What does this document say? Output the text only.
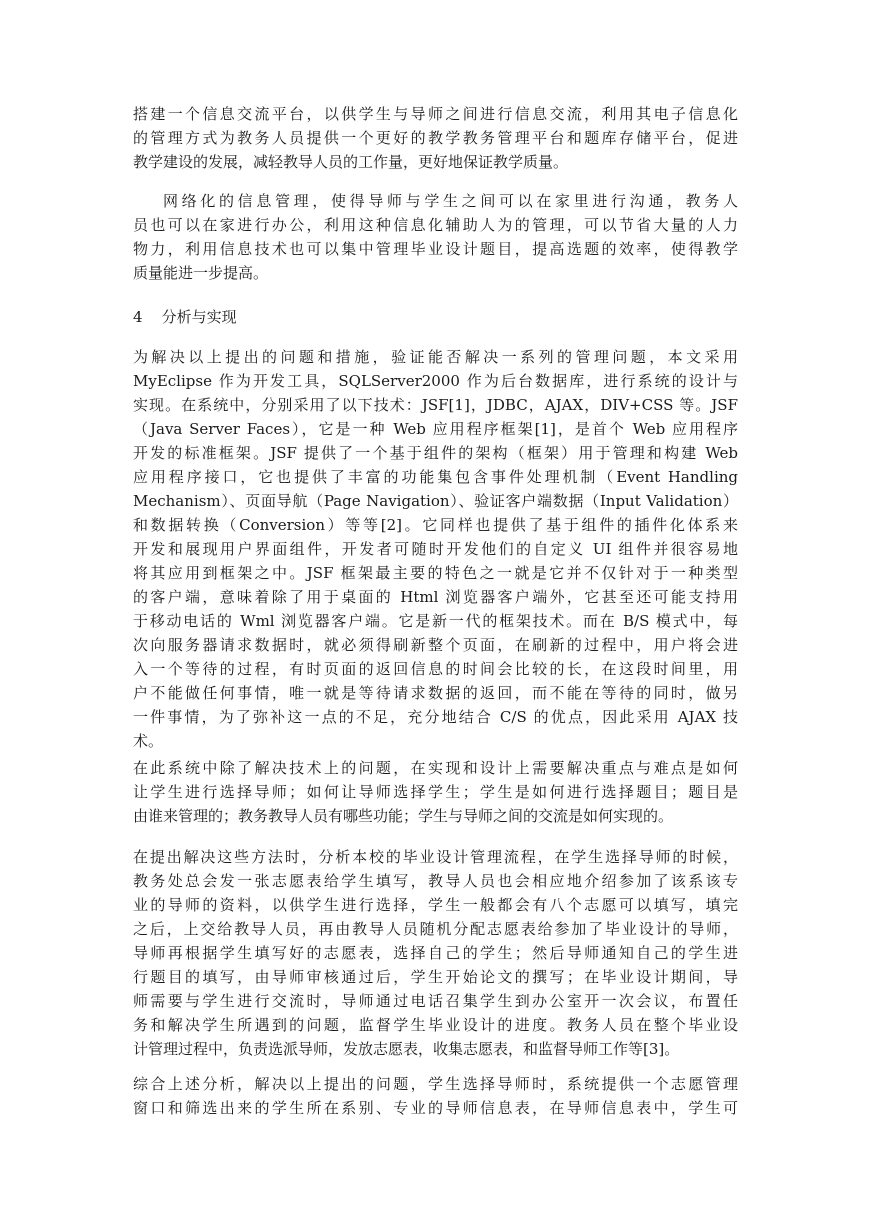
搭建一个信息交流平台，以供学生与导师之间进行信息交流，利用其电子信息化
的管理方式为教务人员提供一个更好的教学教务管理平台和题库存储平台，促进
教学建设的发展，减轻教导人员的工作量，更好地保证教学质量。
网络化的信息管理，使得导师与学生之间可以在家里进行沟通，教务人
员也可以在家进行办公，利用这种信息化辅助人为的管理，可以节省大量的人力
物力，利用信息技术也可以集中管理毕业设计题目，提高选题的效率，使得教学
质量能进一步提高。
4    分析与实现
为解决以上提出的问题和措施，验证能否解决一系列的管理问题，本文采用
MyEclipse 作为开发工具，SQLServer2000 作为后台数据库，进行系统的设计与
实现。在系统中，分别采用了以下技术：JSF[1]，JDBC，AJAX，DIV+CSS 等。JSF
（Java Server Faces），它是一种 Web 应用程序框架[1]，是首个 Web 应用程序
开发的标准框架。JSF 提供了一个基于组件的架构（框架）用于管理和构建 Web
应用程序接口，它也提供了丰富的功能集包含事件处理机制（Event Handling
Mechanism）、页面导航（Page Navigation）、验证客户端数据（Input Validation）
和数据转换（Conversion）等等[2]。它同样也提供了基于组件的插件化体系来
开发和展现用户界面组件，开发者可随时开发他们的自定义 UI 组件并很容易地
将其应用到框架之中。JSF 框架最主要的特色之一就是它并不仅针对于一种类型
的客户端，意味着除了用于桌面的 Html 浏览器客户端外，它甚至还可能支持用
于移动电话的 Wml 浏览器客户端。它是新一代的框架技术。而在 B/S 模式中，每
次向服务器请求数据时，就必须得刷新整个页面，在刷新的过程中，用户将会进
入一个等待的过程，有时页面的返回信息的时间会比较的长，在这段时间里，用
户不能做任何事情，唯一就是等待请求数据的返回，而不能在等待的同时，做另
一件事情，为了弥补这一点的不足，充分地结合 C/S 的优点，因此采用 AJAX 技
术。
在此系统中除了解决技术上的问题，在实现和设计上需要解决重点与难点是如何
让学生进行选择导师；如何让导师选择学生；学生是如何进行选择题目；题目是
由谁来管理的；教务教导人员有哪些功能；学生与导师之间的交流是如何实现的。
在提出解决这些方法时，分析本校的毕业设计管理流程，在学生选择导师的时候，
教务处总会发一张志愿表给学生填写，教导人员也会相应地介绍参加了该系该专
业的导师的资料，以供学生进行选择，学生一般都会有八个志愿可以填写，填完
之后，上交给教导人员，再由教导人员随机分配志愿表给参加了毕业设计的导师，
导师再根据学生填写好的志愿表，选择自己的学生；然后导师通知自己的学生进
行题目的填写，由导师审核通过后，学生开始论文的撰写；在毕业设计期间，导
师需要与学生进行交流时，导师通过电话召集学生到办公室开一次会议，布置任
务和解决学生所遇到的问题，监督学生毕业设计的进度。教务人员在整个毕业设
计管理过程中，负责选派导师，发放志愿表，收集志愿表，和监督导师工作等[3]。
综合上述分析，解决以上提出的问题，学生选择导师时，系统提供一个志愿管理
窗口和筛选出来的学生所在系别、专业的导师信息表，在导师信息表中，学生可
